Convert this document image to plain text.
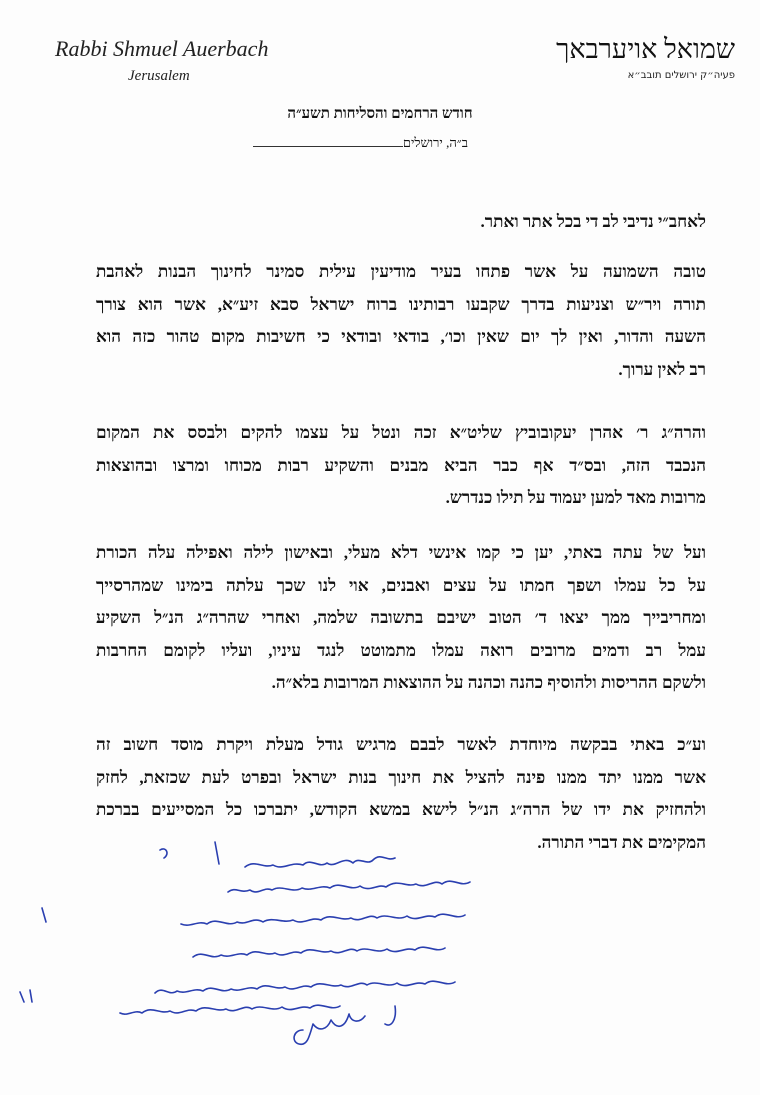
Rabbi Shmuel Auerbach
Jerusalem
שמואל אויערבאך
פעיה״ק ירושלים תובב״א
חודש הרחמים והסליחות תשע״ה
ב״ה, ירושלים
לאחב״י נדיבי לב די בכל אתר ואתר.
טובה השמועה על אשר פתחו בעיר מודיעין עילית סמינר לחינוך הבנות לאהבת
תורה ויר״ש וצניעות בדרך שקבעו רבותינו ברוח ישראל סבא זיע״א, אשר הוא צורך
השעה והדור, ואין לך יום שאין וכו׳, בודאי ובודאי כי חשיבות מקום טהור כזה הוא
רב לאין ערוך.
והרה״ג ר׳ אהרן יעקובוביץ שליט״א זכה ונטל על עצמו להקים ולבסס את המקום
הנכבד הזה, ובס״ד אף כבר הביא מבנים והשקיע רבות מכוחו ומרצו ובהוצאות
מרובות מאד למען יעמוד על תילו כנדרש.
ועל של עתה באתי, יען כי קמו אינשי דלא מעלי, ובאישון לילה ואפילה עלה הכורת
על כל עמלו ושפך חמתו על עצים ואבנים, אוי לנו שכך עלתה בימינו שמהרסייך
ומחריבייך ממך יצאו ד׳ הטוב ישיבם בתשובה שלמה, ואחרי שהרה״ג הנ״ל השקיע
עמל רב ודמים מרובים רואה עמלו מתמוטט לנגד עיניו, ועליו לקומם החרבות
ולשקם ההריסות ולהוסיף כהנה וכהנה על ההוצאות המרובות בלא״ה.
וע״כ באתי בבקשה מיוחדת לאשר לבבם מרגיש גודל מעלת ויקרת מוסד חשוב זה
אשר ממנו יתד ממנו פינה להציל את חינוך בנות ישראל ובפרט לעת שכזאת, לחזק
ולהחזיק את ידו של הרה״ג הנ״ל לישא במשא הקודש, יתברכו כל המסייעים בברכת
המקימים את דברי התורה.
